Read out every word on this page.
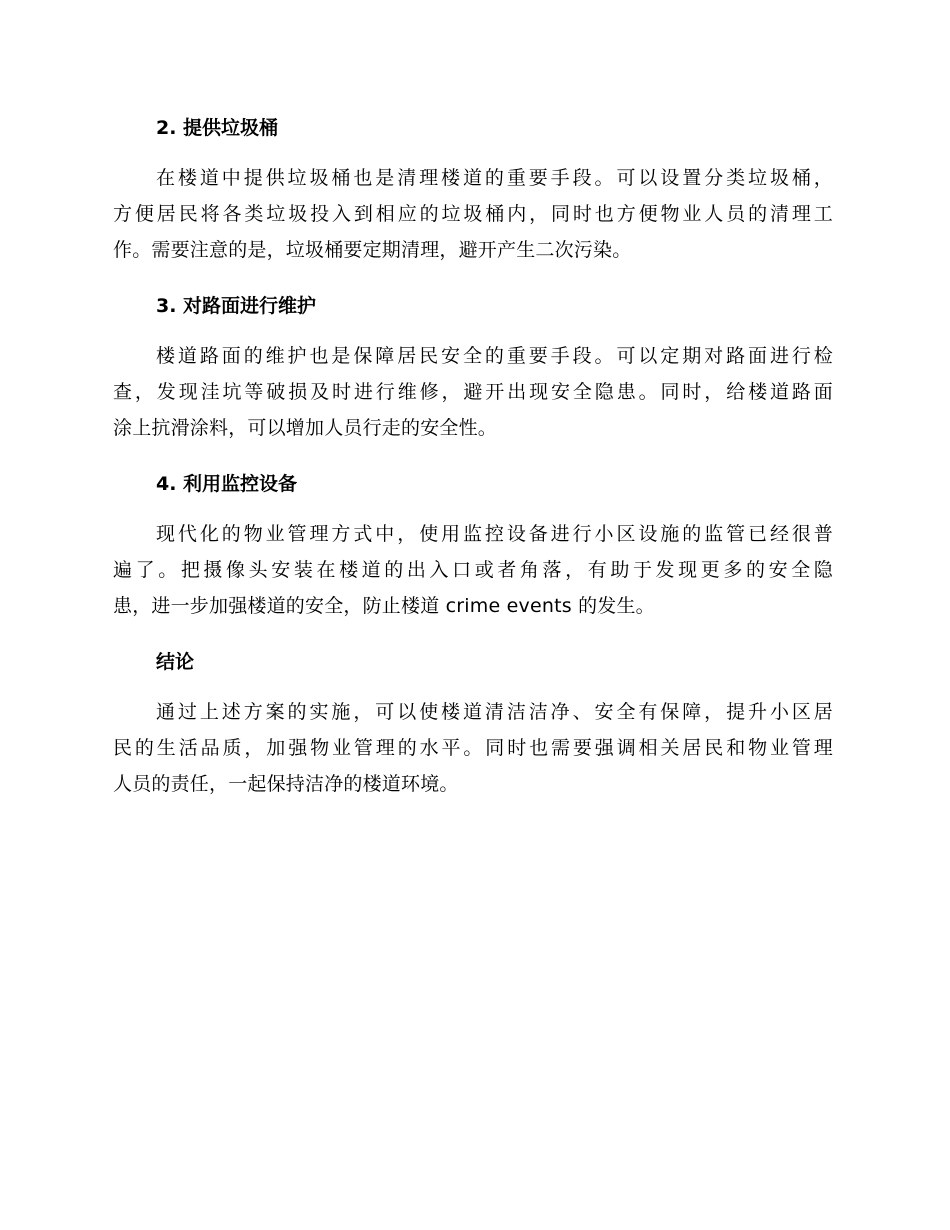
2. 提供垃圾桶
在楼道中提供垃圾桶也是清理楼道的重要手段。可以设置分类垃圾桶，
方便居民将各类垃圾投入到相应的垃圾桶内，同时也方便物业人员的清理工
作。需要注意的是，垃圾桶要定期清理，避开产生二次污染。
3. 对路面进行维护
楼道路面的维护也是保障居民安全的重要手段。可以定期对路面进行检
查，发现洼坑等破损及时进行维修，避开出现安全隐患。同时，给楼道路面
涂上抗滑涂料，可以增加人员行走的安全性。
4. 利用监控设备
现代化的物业管理方式中，使用监控设备进行小区设施的监管已经很普
遍了。把摄像头安装在楼道的出入口或者角落，有助于发现更多的安全隐
患，进一步加强楼道的安全，防止楼道 crime events 的发生。
结论
通过上述方案的实施，可以使楼道清洁洁净、安全有保障，提升小区居
民的生活品质，加强物业管理的水平。同时也需要强调相关居民和物业管理
人员的责任，一起保持洁净的楼道环境。
